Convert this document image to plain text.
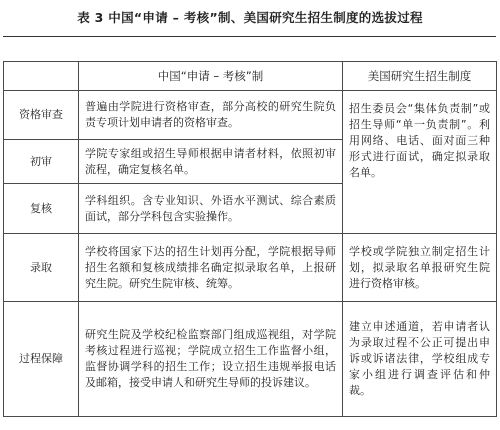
表 3 中国“申请 – 考核”制、美国研究生招生制度的选拔过程
	中国“申请 – 考核”制	美国研究生招生制度
资格审查	普遍由学院进行资格审查，部分高校的研究生院负责专项计划申请者的资格审查。	招生委员会“集体负责制”或招生导师“单一负责制”。利用网络、电话、面对面三种形式进行面试，确定拟录取名单。
初审	学院专家组或招生导师根据申请者材料，依照初审流程，确定复核名单。	
复核	学科组织。含专业知识、外语水平测试、综合素质面试，部分学科包含实验操作。	
录取	学校将国家下达的招生计划再分配，学院根据导师招生名额和复核成绩排名确定拟录取名单，上报研究生院。研究生院审核、统筹。	学校或学院独立制定招生计划，拟录取名单报研究生院进行资格审核。
过程保障	研究生院及学校纪检监察部门组成巡视组，对学院考核过程进行巡视；学院成立招生工作监督小组，监督协调学科的招生工作；设立招生违规举报电话及邮箱，接受申请人和研究生导师的投诉建议。	建立申述通道，若申请者认为录取过程不公正可提出申诉或诉诸法律，学校组成专家小组进行调查评估和仲裁。
